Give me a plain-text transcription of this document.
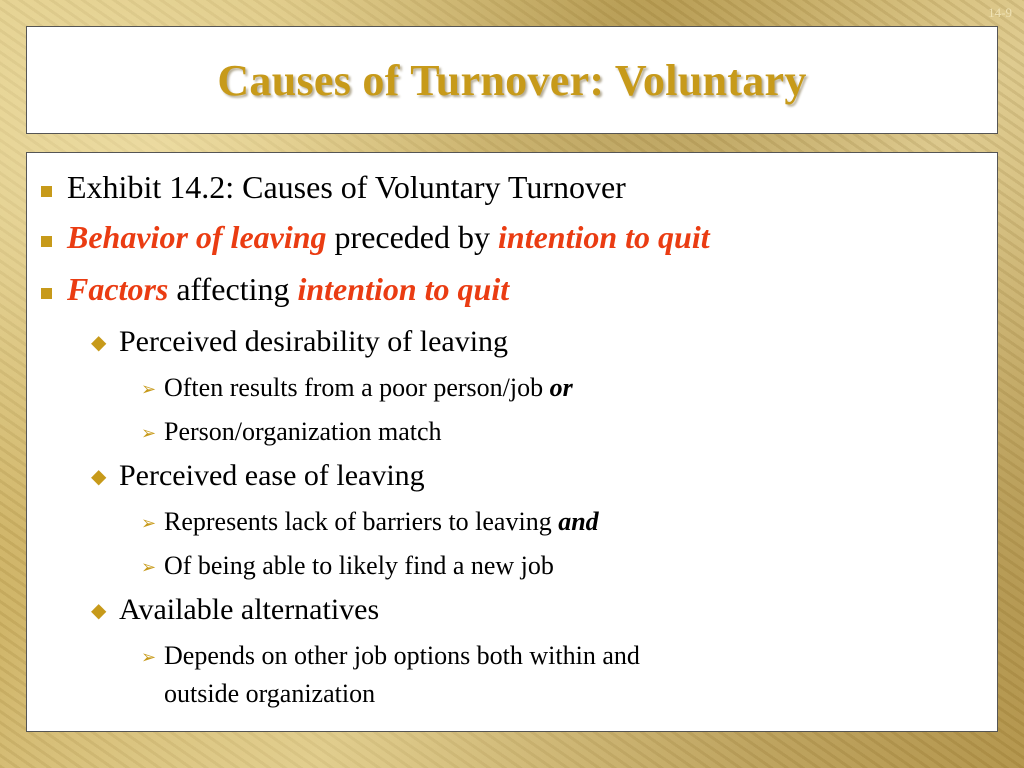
14-9
Causes of Turnover: Voluntary
Exhibit 14.2: Causes of Voluntary Turnover
Behavior of leaving preceded by intention to quit
Factors affecting intention to quit
◆ Perceived desirability of leaving
➢ Often results from a poor person/job or
➢ Person/organization match
◆ Perceived ease of leaving
➢ Represents lack of barriers to leaving and
➢ Of being able to likely find a new job
◆ Available alternatives
➢ Depends on other job options both within and
outside organization
